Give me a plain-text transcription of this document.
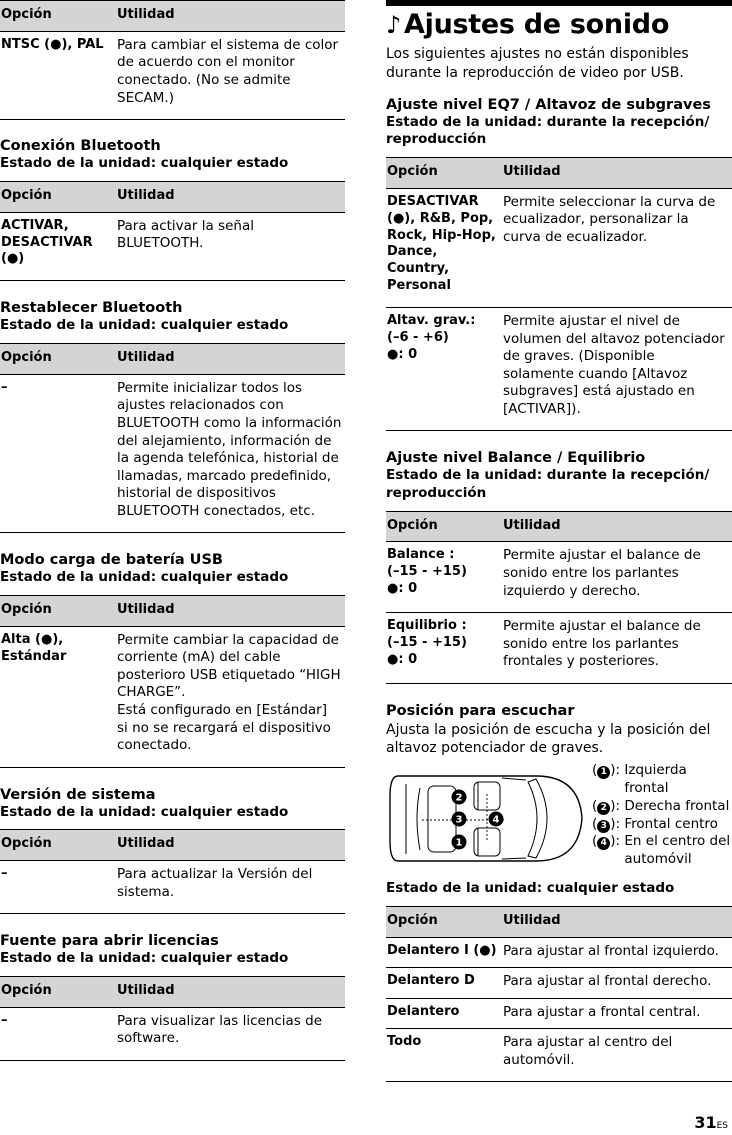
Opción	Utilidad
NTSC (●), PAL	Para cambiar el sistema de color de acuerdo con el monitor conectado. (No se admite SECAM.)
Conexión Bluetooth
Estado de la unidad: cualquier estado
Opción	Utilidad
ACTIVAR, DESACTIVAR (●)	Para activar la señal BLUETOOTH.
Restablecer Bluetooth
Estado de la unidad: cualquier estado
Opción	Utilidad
–	Permite inicializar todos los ajustes relacionados con BLUETOOTH como la información del alejamiento, información de la agenda telefónica, historial de llamadas, marcado predefinido, historial de dispositivos BLUETOOTH conectados, etc.
Modo carga de batería USB
Estado de la unidad: cualquier estado
Opción	Utilidad
Alta (●), Estándar	Permite cambiar la capacidad de corriente (mA) del cable posterioro USB etiquetado “HIGH CHARGE”.
Está configurado en [Estándar] si no se recargará el dispositivo conectado.
Versión de sistema
Estado de la unidad: cualquier estado
Opción	Utilidad
–	Para actualizar la Versión del sistema.
Fuente para abrir licencias
Estado de la unidad: cualquier estado
Opción	Utilidad
–	Para visualizar las licencias de software.
♪ Ajustes de sonido

Los siguientes ajustes no están disponibles durante la reproducción de video por USB.

Ajuste nivel EQ7 / Altavoz de subgraves
Estado de la unidad: durante la recepción/ reproducción
Opción	Utilidad
DESACTIVAR (●), R&B, Pop, Rock, Hip-Hop, Dance, Country, Personal	Permite seleccionar la curva de ecualizador, personalizar la curva de ecualizador.
Altav. grav.:
(–6 - +6)
●: 0	Permite ajustar el nivel de volumen del altavoz potenciador de graves. (Disponible solamente cuando [Altavoz subgraves] está ajustado en [ACTIVAR]).
Ajuste nivel Balance / Equilibrio
Estado de la unidad: durante la recepción/ reproducción
Opción	Utilidad
Balance :
(–15 - +15)
●: 0	Permite ajustar el balance de sonido entre los parlantes izquierdo y derecho.
Equilibrio :
(–15 - +15)
●: 0	Permite ajustar el balance de sonido entre los parlantes frontales y posteriores.
Posición para escuchar

Ajusta la posición de escucha y la posición del altavoz potenciador de graves.

2
3	4
1
( 1 ): Izquierda frontal
( 2 ): Derecha frontal
( 3 ): Frontal centro
( 4 ): En el centro del automóvil
Estado de la unidad: cualquier estado
Opción	Utilidad
Delantero I (●)	Para ajustar al frontal izquierdo.
Delantero D	Para ajustar al frontal derecho.
Delantero	Para ajustar a frontal central.
Todo	Para ajustar al centro del automóvil.
31ES
